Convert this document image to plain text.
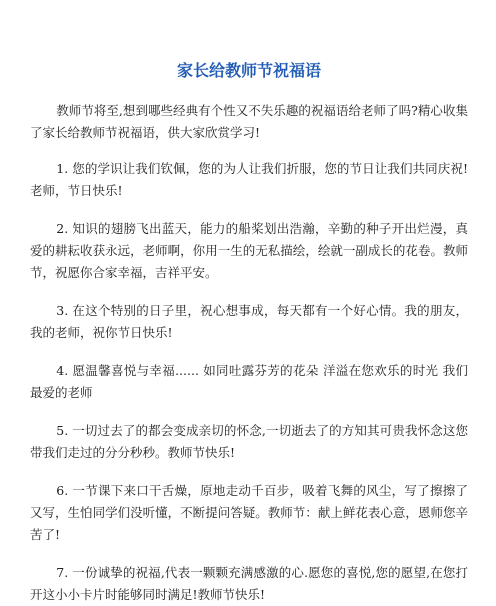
家长给教师节祝福语

教师节将至,想到哪些经典有个性又不失乐趣的祝福语给老师了吗?精心收集了家长给教师节祝福语，供大家欣赏学习!

1. 您的学识让我们钦佩，您的为人让我们折服，您的节日让我们共同庆祝!老师，节日快乐!

2. 知识的翅膀飞出蓝天，能力的船桨划出浩瀚，辛勤的种子开出烂漫，真爱的耕耘收获永远，老师啊，你用一生的无私描绘，绘就一副成长的花卷。教师节，祝愿你合家幸福，吉祥平安。

3. 在这个特别的日子里，祝心想事成，每天都有一个好心情。我的朋友，我的老师，祝你节日快乐!

4. 愿温馨喜悦与幸福...... 如同吐露芬芳的花朵 洋溢在您欢乐的时光 我们最爱的老师

5. 一切过去了的都会变成亲切的怀念,一切逝去了的方知其可贵我怀念这您带我们走过的分分秒秒。教师节快乐!

6. 一节课下来口干舌燥，原地走动千百步，吸着飞舞的风尘，写了擦擦了又写，生怕同学们没听懂，不断提问答疑。教师节：献上鲜花表心意，恩师您辛苦了!

7. 一份诚挚的祝福,代表一颗颗充满感激的心.愿您的喜悦,您的愿望,在您打开这小小卡片时能够同时满足!教师节快乐!
